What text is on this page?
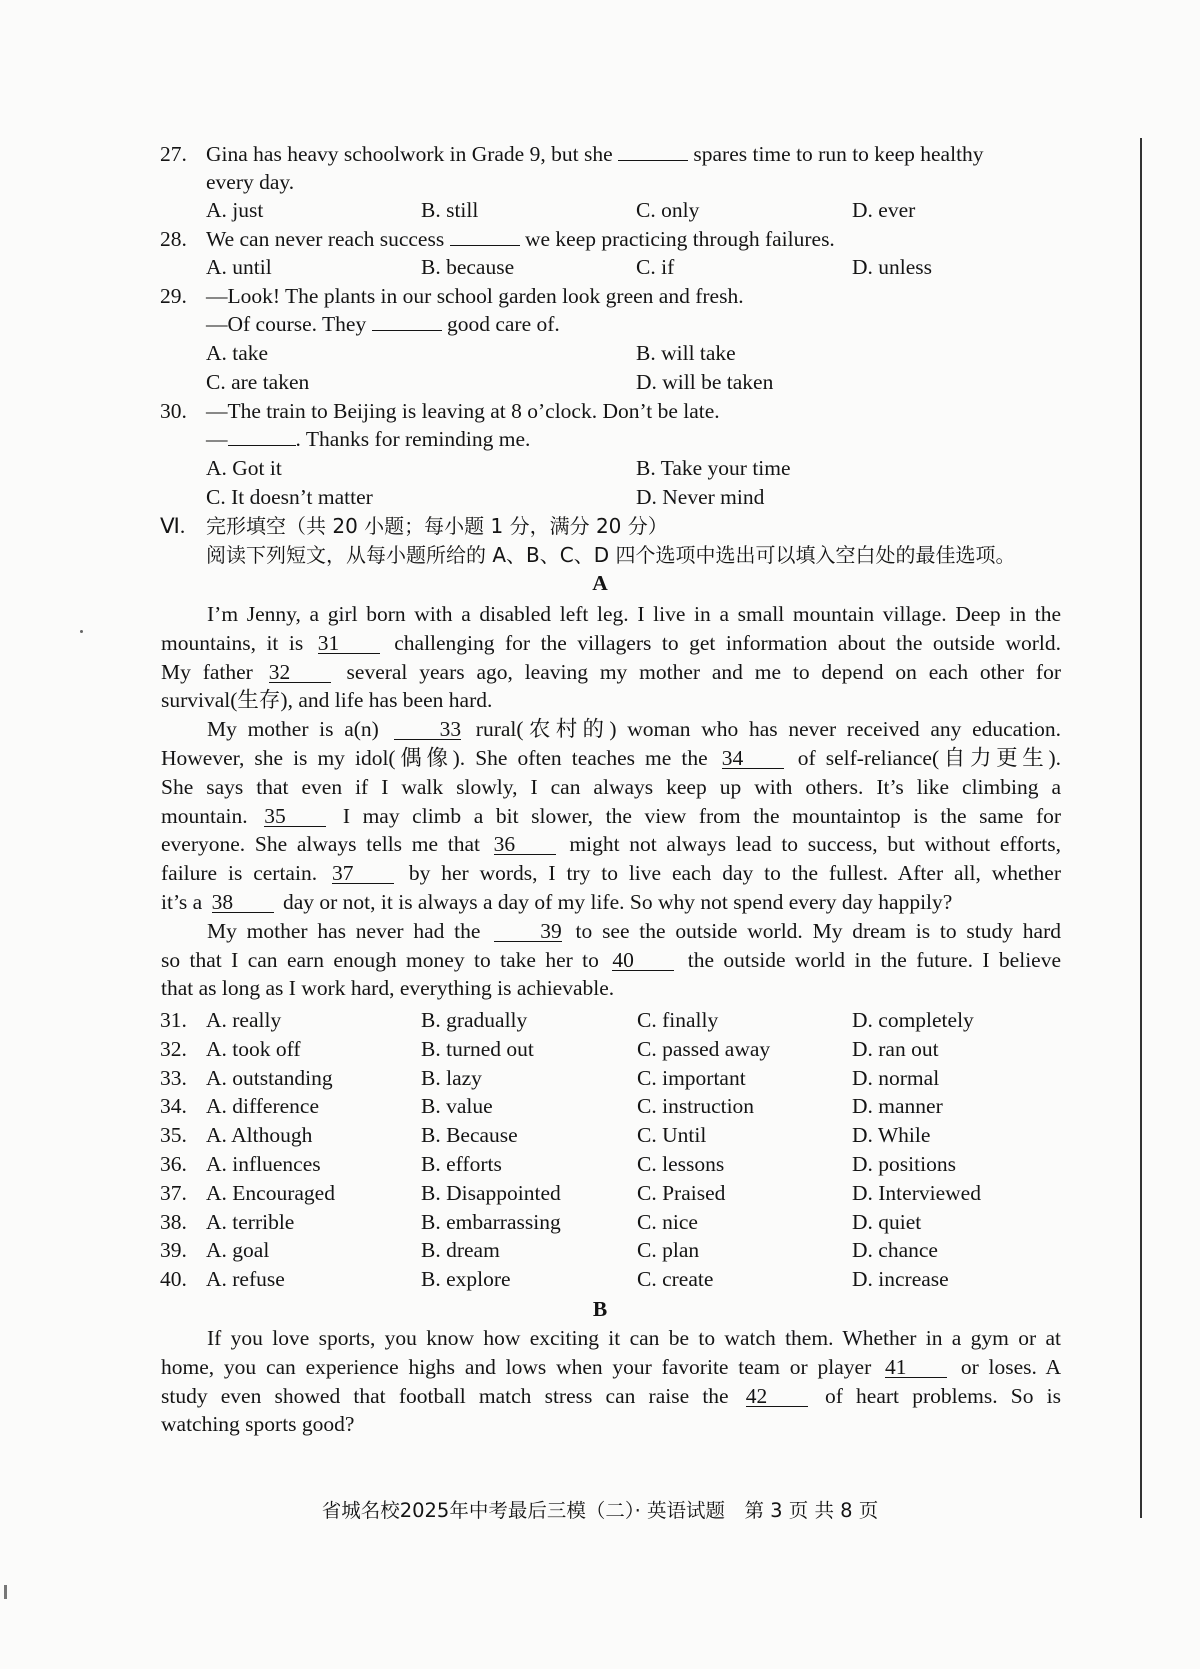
27. Gina has heavy schoolwork in Grade 9, but she	spares time to run to keep healthy
every day.
A. just	B. still	C. only	D. ever
28. We can never reach success	we keep practicing through failures.
A. until	B. because	C. if	D. unless
29. —Look! The plants in our school garden look green and fresh.
—Of course. They	good care of.
A. take	B. will take
C. are taken	D. will be taken
30. —The train to Beijing is leaving at 8 o’clock. Don’t be late.
—	. Thanks for reminding me.
A. Got it	B. Take your time
C. It doesn’t matter	D. Never mind
Ⅵ. 完形填空（共 20 小题；每小题 1 分，满分 20 分）
阅读下列短文，从每小题所给的 A、B、C、D 四个选项中选出可以填入空白处的最佳选项。
A
I’m Jenny, a girl born with a disabled left leg. I live in a small mountain village. Deep in the
mountains, it is 31	challenging for the villagers to get information about the outside world.
My father 32	several years ago, leaving my mother and me to depend on each other for
survival(生存), and life has been hard.
My mother is a(n)	33 rural(农村的) woman who has never received any education.
However, she is my idol(偶像). She often teaches me the 34	of self-reliance(自力更生).
She says that even if I walk slowly, I can always keep up with others. It’s like climbing a
mountain. 35	I may climb a bit slower, the view from the mountaintop is the same for
everyone. She always tells me that 36	might not always lead to success, but without efforts,
failure is certain. 37	by her words, I try to live each day to the fullest. After all, whether
it’s a 38 day or not, it is always a day of my life. So why not spend every day happily?
My mother has never had the	39 to see the outside world. My dream is to study hard
so that I can earn enough money to take her to 40	the outside world in the future. I believe
that as long as I work hard, everything is achievable.
31. A. really	B. gradually	C. finally	D. completely
32. A. took off	B. turned out	C. passed away	D. ran out
33. A. outstanding	B. lazy	C. important	D. normal
34. A. difference	B. value	C. instruction	D. manner
35. A. Although	B. Because	C. Until	D. While
36. A. influences	B. efforts	C. lessons	D. positions
37. A. Encouraged	B. Disappointed	C. Praised	D. Interviewed
38. A. terrible	B. embarrassing	C. nice	D. quiet
39. A. goal	B. dream	C. plan	D. chance
40. A. refuse	B. explore	C. create	D. increase
B
If you love sports, you know how exciting it can be to watch them. Whether in a gym or at
home, you can experience highs and lows when your favorite team or player 41	or loses. A
study even showed that football match stress can raise the 42	of heart problems. So is
watching sports good?
省城名校2025年中考最后三模（二）· 英语试题　第 3 页 共 8 页
